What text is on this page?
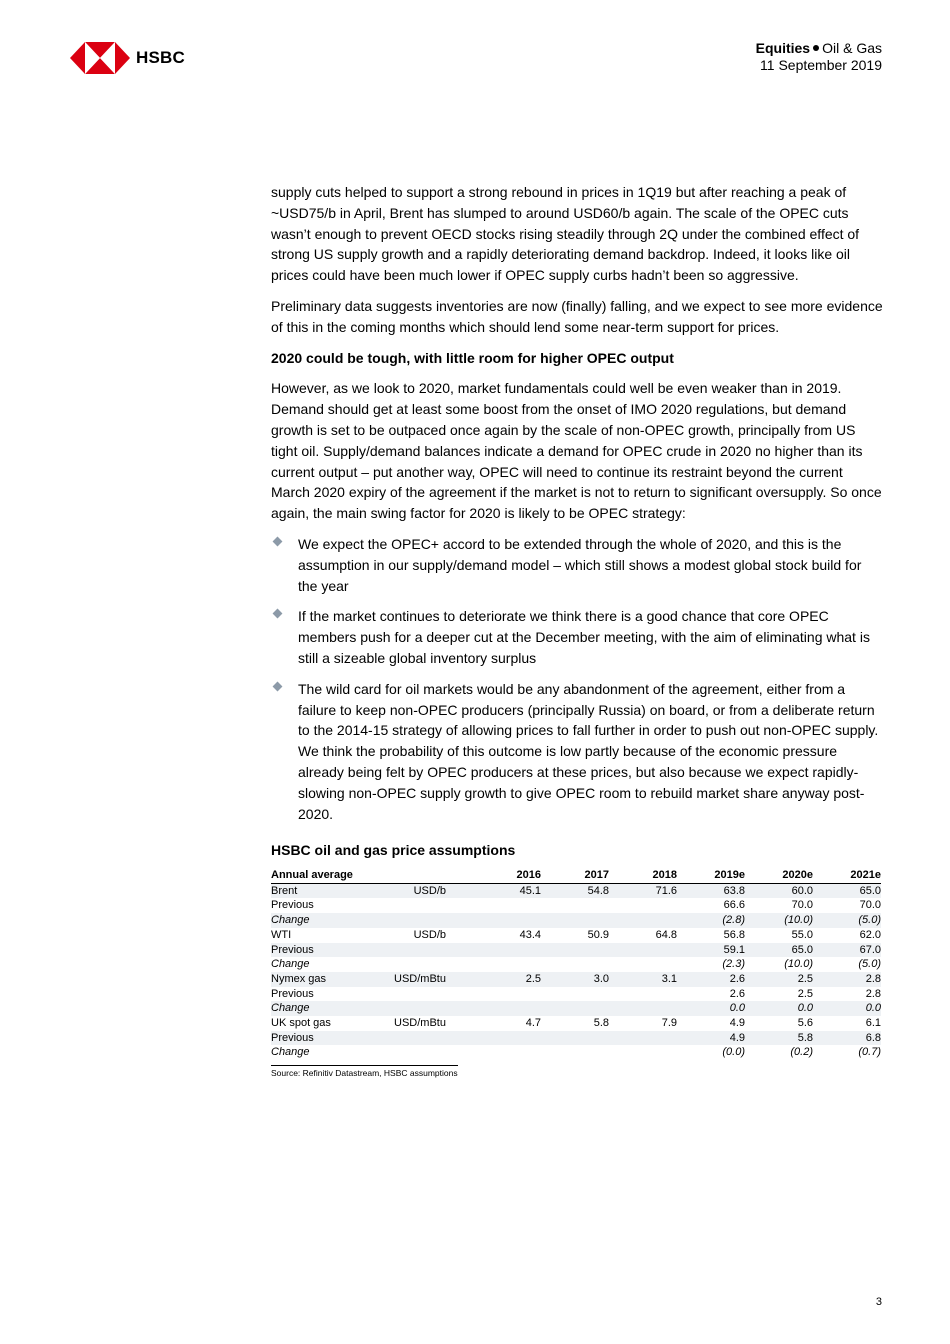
HSBC	Equities Oil & Gas
11 September 2019

supply cuts helped to support a strong rebound in prices in 1Q19 but after reaching a peak of ~USD75/b in April, Brent has slumped to around USD60/b again. The scale of the OPEC cuts wasn’t enough to prevent OECD stocks rising steadily through 2Q under the combined effect of strong US supply growth and a rapidly deteriorating demand backdrop. Indeed, it looks like oil prices could have been much lower if OPEC supply curbs hadn’t been so aggressive.

Preliminary data suggests inventories are now (finally) falling, and we expect to see more evidence of this in the coming months which should lend some near-term support for prices.

2020 could be tough, with little room for higher OPEC output

However, as we look to 2020, market fundamentals could well be even weaker than in 2019. Demand should get at least some boost from the onset of IMO 2020 regulations, but demand growth is set to be outpaced once again by the scale of non-OPEC growth, principally from US tight oil. Supply/demand balances indicate a demand for OPEC crude in 2020 no higher than its current output – put another way, OPEC will need to continue its restraint beyond the current March 2020 expiry of the agreement if the market is not to return to significant oversupply. So once again, the main swing factor for 2020 is likely to be OPEC strategy:

We expect the OPEC+ accord to be extended through the whole of 2020, and this is the assumption in our supply/demand model – which still shows a modest global stock build for the year
If the market continues to deteriorate we think there is a good chance that core OPEC members push for a deeper cut at the December meeting, with the aim of eliminating what is still a sizeable global inventory surplus
The wild card for oil markets would be any abandonment of the agreement, either from a failure to keep non-OPEC producers (principally Russia) on board, or from a deliberate return to the 2014-15 strategy of allowing prices to fall further in order to push out non-OPEC supply. We think the probability of this outcome is low partly because of the economic pressure already being felt by OPEC producers at these prices, but also because we expect rapidly-slowing non-OPEC supply growth to give OPEC room to rebuild market share anyway post-2020.

HSBC oil and gas price assumptions

Annual average		2016	2017	2018	2019e	2020e	2021e
Brent	USD/b	45.1	54.8	71.6	63.8	60.0	65.0
Previous					66.6	70.0	70.0
Change					(2.8)	(10.0)	(5.0)
WTI	USD/b	43.4	50.9	64.8	56.8	55.0	62.0
Previous					59.1	65.0	67.0
Change					(2.3)	(10.0)	(5.0)
Nymex gas	USD/mBtu	2.5	3.0	3.1	2.6	2.5	2.8
Previous					2.6	2.5	2.8
Change					0.0	0.0	0.0
UK spot gas	USD/mBtu	4.7	5.8	7.9	4.9	5.6	6.1
Previous					4.9	5.8	6.8
Change					(0.0)	(0.2)	(0.7)
Source: Refinitiv Datastream, HSBC assumptions
3
